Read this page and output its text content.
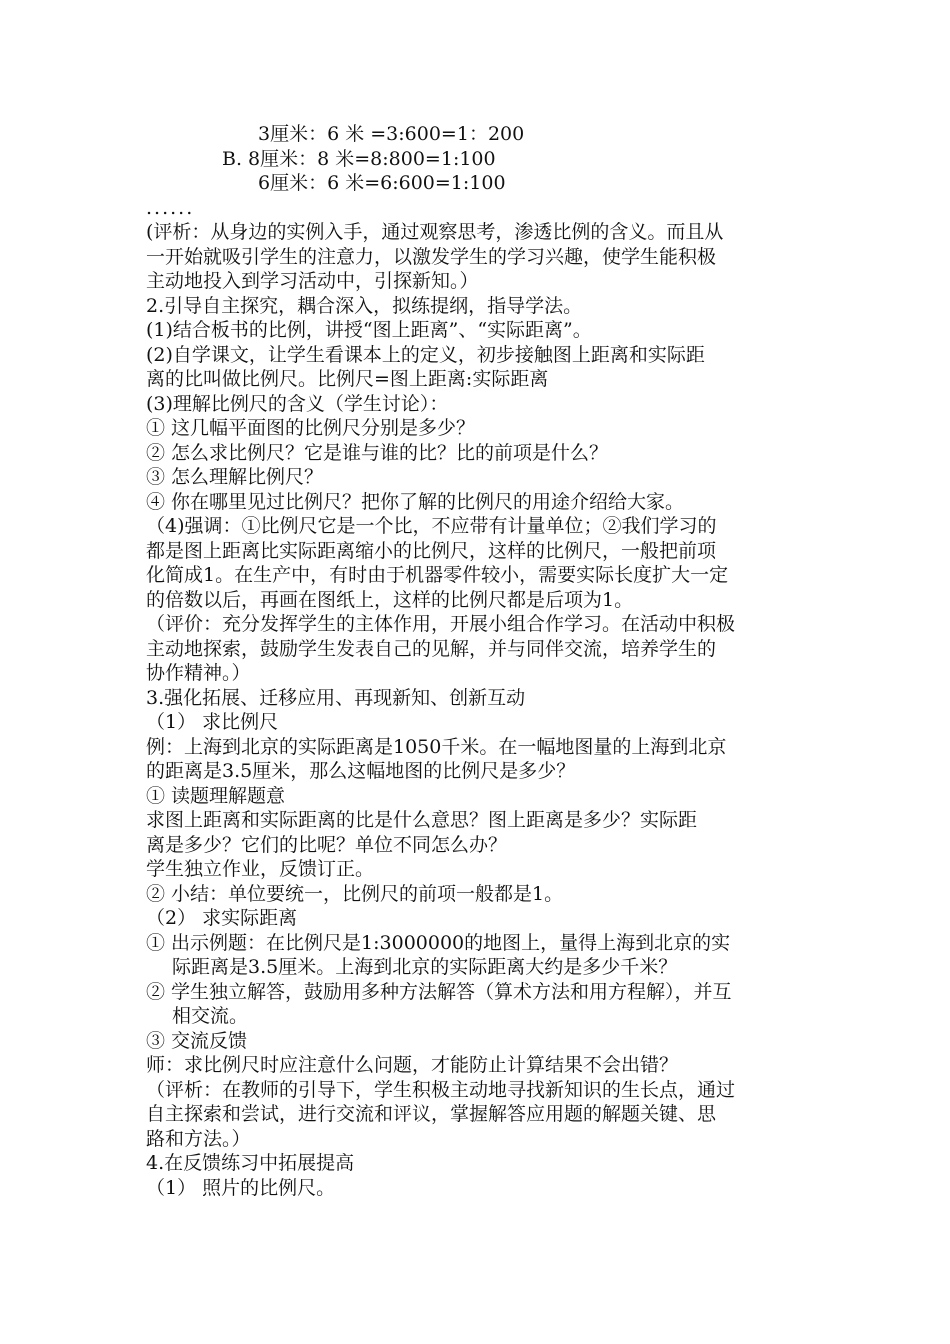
3厘米：6 米 =3:600=1：200
B. 8厘米：8 米=8:800=1:100
6厘米：6 米=6:600=1:100
......
(评析：从身边的实例入手，通过观察思考，渗透比例的含义。而且从
一开始就吸引学生的注意力，以激发学生的学习兴趣，使学生能积极
主动地投入到学习活动中，引探新知。）
2.引导自主探究，耦合深入，拟练提纲，指导学法。
(1)结合板书的比例，讲授“图上距离”、“实际距离”。
(2)自学课文，让学生看课本上的定义，初步接触图上距离和实际距
离的比叫做比例尺。比例尺=图上距离:实际距离
(3)理解比例尺的含义（学生讨论）：
① 这几幅平面图的比例尺分别是多少？
② 怎么求比例尺？它是谁与谁的比？比的前项是什么？
③ 怎么理解比例尺？
④ 你在哪里见过比例尺？把你了解的比例尺的用途介绍给大家。
（4)强调：①比例尺它是一个比，不应带有计量单位；②我们学习的
都是图上距离比实际距离缩小的比例尺，这样的比例尺，一般把前项
化简成1。在生产中，有时由于机器零件较小，需要实际长度扩大一定
的倍数以后，再画在图纸上，这样的比例尺都是后项为1。
（评价：充分发挥学生的主体作用，开展小组合作学习。在活动中积极
主动地探索，鼓励学生发表自己的见解，并与同伴交流，培养学生的
协作精神。）
3.强化拓展、迁移应用、再现新知、创新互动
（1） 求比例尺
例：上海到北京的实际距离是1050千米。在一幅地图量的上海到北京
的距离是3.5厘米，那么这幅地图的比例尺是多少？
① 读题理解题意
求图上距离和实际距离的比是什么意思？图上距离是多少？实际距
离是多少？它们的比呢？单位不同怎么办？
学生独立作业，反馈订正。
② 小结：单位要统一，比例尺的前项一般都是1。
（2） 求实际距离
① 出示例题：在比例尺是1:3000000的地图上，量得上海到北京的实
际距离是3.5厘米。上海到北京的实际距离大约是多少千米？
② 学生独立解答，鼓励用多种方法解答（算术方法和用方程解），并互
相交流。
③ 交流反馈
师：求比例尺时应注意什么问题，才能防止计算结果不会出错？
（评析：在教师的引导下，学生积极主动地寻找新知识的生长点，通过
自主探索和尝试，进行交流和评议，掌握解答应用题的解题关键、思
路和方法。）
4.在反馈练习中拓展提高
（1） 照片的比例尺。
